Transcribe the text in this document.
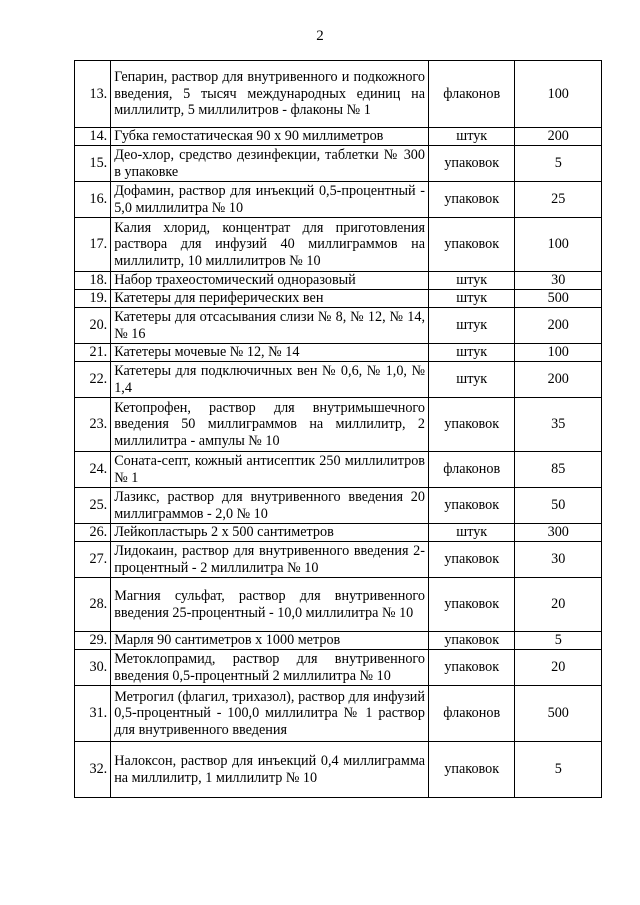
2
13.	Гепарин, раствор для внутривенного и подкожного введения, 5 тысяч международных единиц на миллилитр, 5 миллилитров - флаконы № 1	флаконов	100
14.	Губка гемостатическая 90 х 90 миллиметров	штук	200
15.	Део-хлор, средство дезинфекции, таблетки № 300 в упаковке	упаковок	5
16.	Дофамин, раствор для инъекций 0,5-процентный - 5,0 миллилитра № 10	упаковок	25
17.	Калия хлорид, концентрат для приготовления раствора для инфузий 40 миллиграммов на миллилитр, 10 миллилитров № 10	упаковок	100
18.	Набор трахеостомический одноразовый	штук	30
19.	Катетеры для периферических вен	штук	500
20.	Катетеры для отсасывания слизи № 8, № 12, № 14, № 16	штук	200
21.	Катетеры мочевые № 12, № 14	штук	100
22.	Катетеры для подключичных вен № 0,6, № 1,0, № 1,4	штук	200
23.	Кетопрофен, раствор для внутримышечного введения 50 миллиграммов на миллилитр, 2 миллилитра - ампулы № 10	упаковок	35
24.	Соната-септ, кожный антисептик 250 миллилитров № 1	флаконов	85
25.	Лазикс, раствор для внутривенного введения 20 миллиграммов - 2,0 № 10	упаковок	50
26.	Лейкопластырь 2 х 500 сантиметров	штук	300
27.	Лидокаин, раствор для внутривенного введения 2-процентный - 2 миллилитра № 10	упаковок	30
28.	Магния сульфат, раствор для внутривенного введения 25-процентный - 10,0 миллилитра № 10	упаковок	20
29.	Марля 90 сантиметров х 1000 метров	упаковок	5
30.	Метоклопрамид, раствор для внутривенного введения 0,5-процентный 2 миллилитра № 10	упаковок	20
31.	Метрогил (флагил, трихазол), раствор для инфузий 0,5-процентный - 100,0 миллилитра № 1 раствор для внутривенного введения	флаконов	500
32.	Налоксон, раствор для инъекций 0,4 миллиграмма на миллилитр, 1 миллилитр № 10	упаковок	5
